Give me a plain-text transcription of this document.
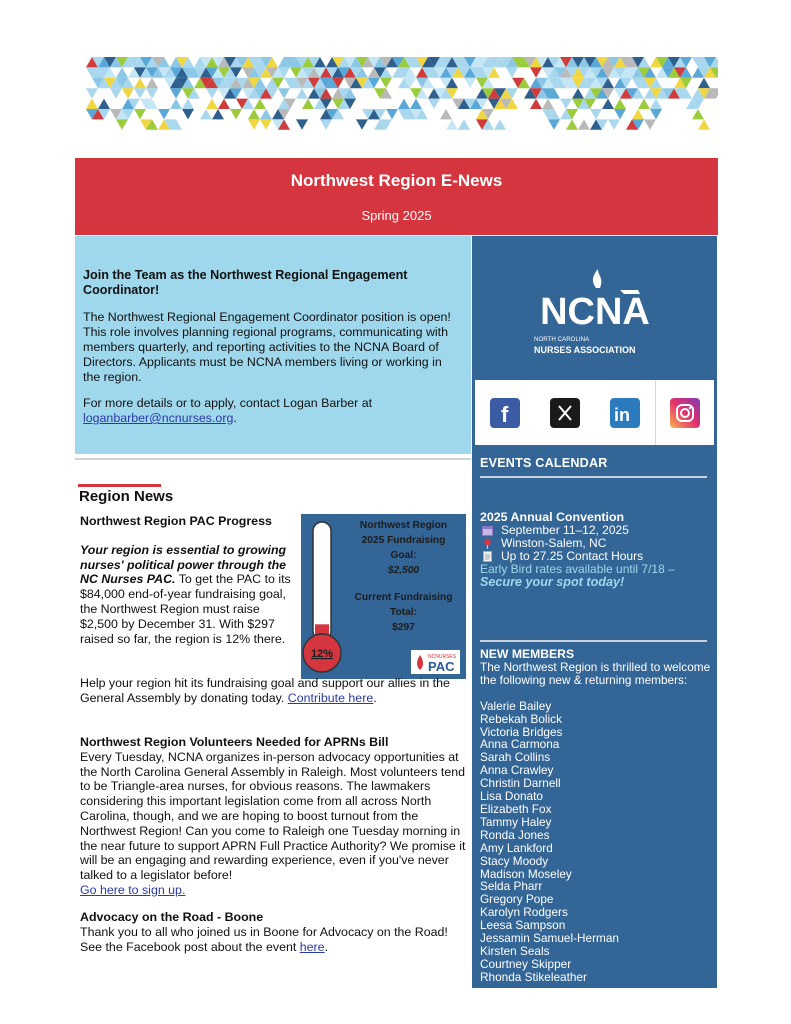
Northwest Region E-News
Spring 2025
Join the Team as the Northwest Regional Engagement Coordinator!

The Northwest Regional Engagement Coordinator position is open! This role involves planning regional programs, communicating with members quarterly, and reporting activities to the NCNA Board of Directors. Applicants must be NCNA members living or working in the region.

For more details or to apply, contact Logan Barber at loganbarber@ncnurses.org.

NCNA
NORTH CAROLINA
NURSES ASSOCIATION
f	in
EVENTS CALENDAR
2025 Annual Convention
September 11–12, 2025
Winston-Salem, NC
Up to 27.25 Contact Hours
Early Bird rates available until 7/18 –
Secure your spot today!
NEW MEMBERS
The Northwest Region is thrilled to welcome the following new & returning members:
Valerie Bailey
Rebekah Bolick
Victoria Bridges
Anna Carmona
Sarah Collins
Anna Crawley
Christin Darnell
Lisa Donato
Elizabeth Fox
Tammy Haley
Ronda Jones
Amy Lankford
Stacy Moody
Madison Moseley
Selda Pharr
Gregory Pope
Karolyn Rodgers
Leesa Sampson
Jessamin Samuel-Herman
Kirsten Seals
Courtney Skipper
Rhonda Stikeleather
Region News

Northwest Region PAC Progress

Your region is essential to growing nurses' political power through the NC Nurses PAC. To get the PAC to its $84,000 end-of-year fundraising goal, the Northwest Region must raise $2,500 by December 31. With $297 raised so far, the region is 12% there.

12%
Northwest Region
2025 Fundraising
Goal:
$2,500
Current Fundraising
Total:
$297
NCNURSES
PAC

Help your region hit its fundraising goal and support our allies in the General Assembly by donating today. Contribute here.

Northwest Region Volunteers Needed for APRNs Bill

Every Tuesday, NCNA organizes in-person advocacy opportunities at the North Carolina General Assembly in Raleigh. Most volunteers tend to be Triangle-area nurses, for obvious reasons. The lawmakers considering this important legislation come from all across North Carolina, though, and we are hoping to boost turnout from the Northwest Region! Can you come to Raleigh one Tuesday morning in the near future to support APRN Full Practice Authority? We promise it will be an engaging and rewarding experience, even if you've never talked to a legislator before!

Go here to sign up.

Advocacy on the Road - Boone

Thank you to all who joined us in Boone for Advocacy on the Road! See the Facebook post about the event here.
